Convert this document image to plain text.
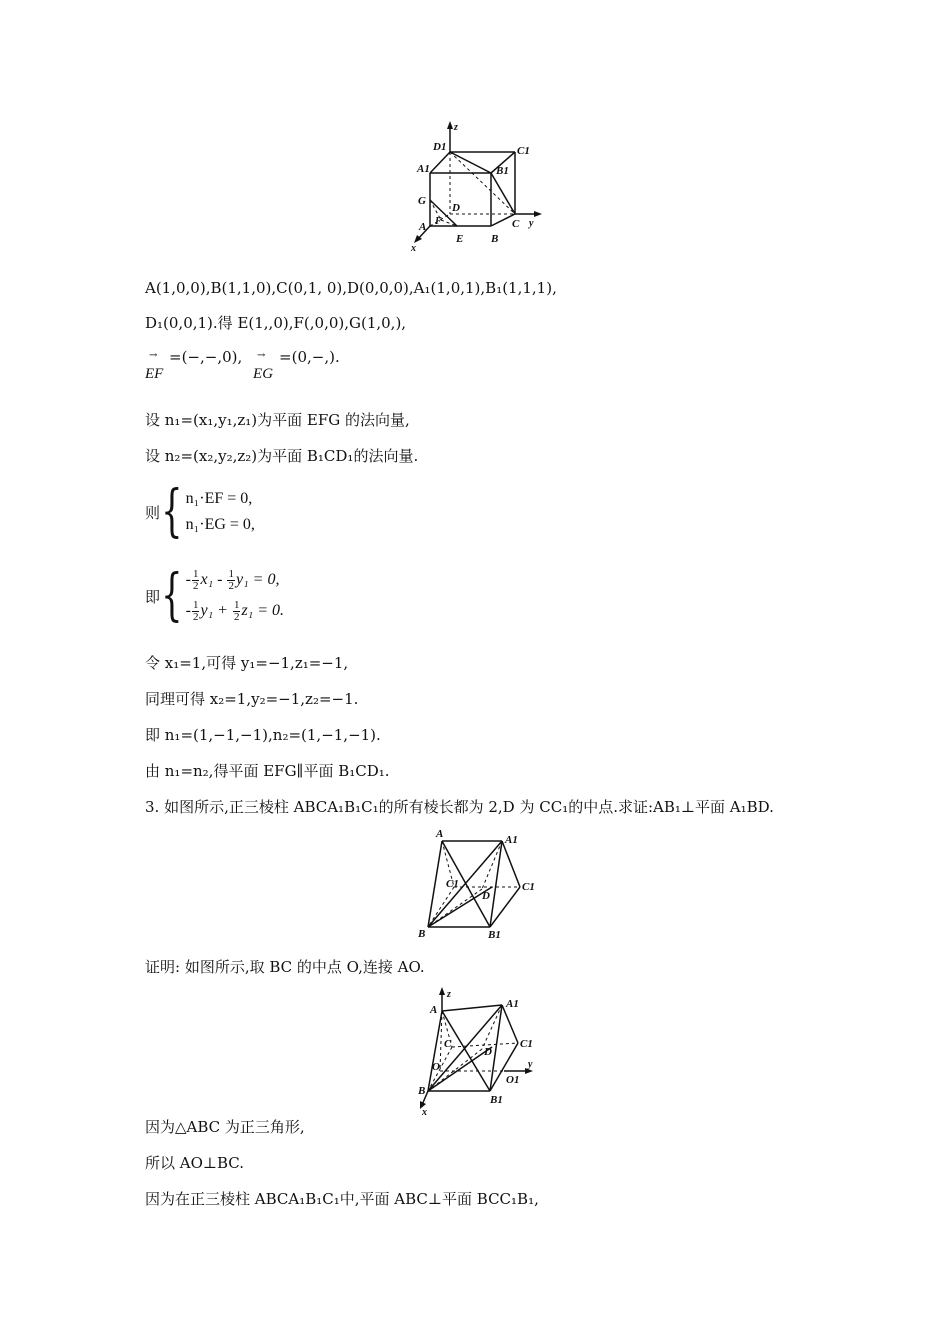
z
D1	C1
A1	B1
G
D
A F
E	B
C y
x
A(1,0,0),B(1,1,0),C(0,1, 0),D(0,0,0),A₁(1,0,1),B₁(1,1,1),
D₁(0,0,1).得 E(1,,0),F(,0,0),G(1,0,),
→
EF
=(−,−,0), →
EG
=(0,−,).
设 n₁=(x₁,y₁,z₁)为平面 EFG 的法向量,
设 n₂=(x₂,y₂,z₂)为平面 B₁CD₁的法向量.
则 { n₁·EF = 0,
n₁·EG = 0,
即 { - $\frac{1}{2} x_1 - \frac{1}{2} y_1 = 0$,
- $\frac{1}{2} y_1 + \frac{1}{2} z_1 = 0$.
令 x₁=1,可得 y₁=−1,z₁=−1,
同理可得 x₂=1,y₂=−1,z₂=−1.
即 n₁=(1,−1,−1),n₂=(1,−1,−1).
由 n₁=n₂,得平面 EFG∥平面 B₁CD₁.
3. 如图所示,正三棱柱 ABCA₁B₁C₁的所有棱长都为 2,D 为 CC₁的中点.求证:AB₁⊥平面 A₁BD.
A	A1
C1	C1
D
B	B1
证明: 如图所示,取 BC 的中点 O,连接 AO.
z
A	A1
C
D
C1
O
O1
y
B
B1
x
因为△ABC 为正三角形,
所以 AO⊥BC.
因为在正三棱柱 ABCA₁B₁C₁中,平面 ABC⊥平面 BCC₁B₁,
